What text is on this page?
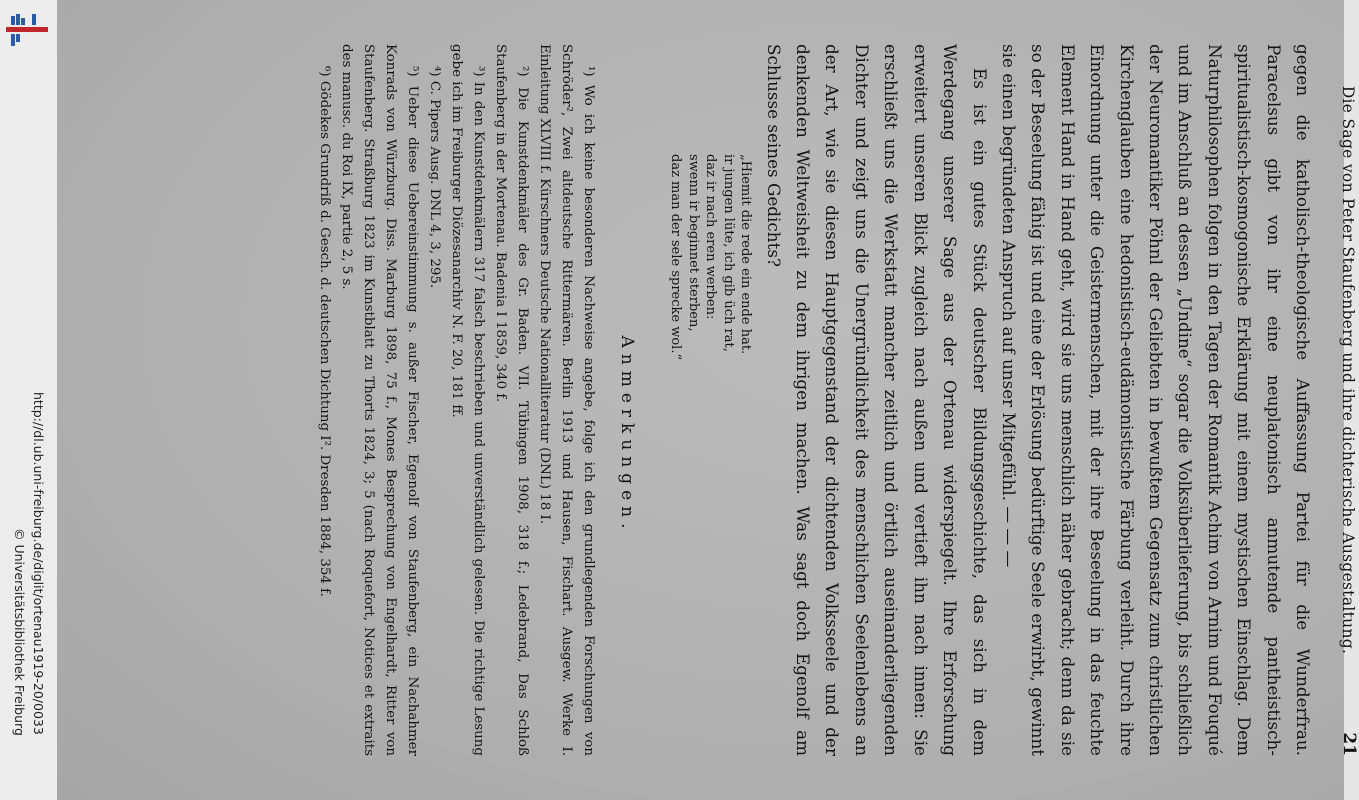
http://dl.ub.uni-freiburg.de/diglit/ortenau1919-20/0033
© Universitätsbibliothek Freiburg	Die Sage von Peter Staufenberg und ihre dichterische Ausgestaltung.
21

gegen die katholisch-theologische Auffassung Partei für die Wunderfrau. Paracelsus gibt von ihr eine neuplatonisch anmutende pantheistisch-spiritualistisch-kosmogonische Erklärung mit einem mystischen Einschlag. Dem Naturphilosophen folgen in den Tagen der Romantik Achim von Arnim und Fouqué und im Anschluß an dessen „Undine“ sogar die Volksüberlieferung, bis schließlich der Neuromantiker Pöhnl der Geliebten in bewußtem Gegensatz zum christlichen Kirchenglauben eine hedonistisch-eudämonistische Färbung verleiht. Durch ihre Einordnung unter die Geistermenschen, mit der ihre Beseelung in das feuchte Element Hand in Hand geht, wird sie uns menschlich näher gebracht; denn da sie so der Beseelung fähig ist und eine der Erlösung bedürftige Seele erwirbt, gewinnt sie einen begründeten Anspruch auf unser Mitgefühl. — — —

Es ist ein gutes Stück deutscher Bildungsgeschichte, das sich in dem Werdegang unserer Sage aus der Ortenau widerspiegelt. Ihre Erforschung erweitert unseren Blick zugleich nach außen und vertieft ihn nach innen: Sie erschließt uns die Werkstatt mancher zeitlich und örtlich auseinanderliegenden Dichter und zeigt uns die Unergründlichkeit des menschlichen Seelenlebens an der Art, wie sie diesen Hauptgegenstand der dichtenden Volksseele und der denkenden Weltweisheit zu dem ihrigen machen. Was sagt doch Egenolf am Schlusse seines Gedichts?

„Hiemit die rede ein ende hat.
ir jungen lüte, ich gib üch rat,
daz ir nach eren werben:
swenn ir beginnet sterben,
daz man der sele sprecke wol.“
Anmerkungen.

¹) Wo ich keine besonderen Nachweise angebe, folge ich den grundlegenden Forschungen von Schröder², Zwei altdeutsche Rittermären. Berlin 1913 und Hausen, Fischart. Ausgew. Werke I. Einleitung XLVIII f. Kürschners Deutsche Nationalliteratur (DNL) 18 I.

²) Die Kunstdenkmäler des Gr. Baden. VII. Tübingen 1908, 318 f.; Ledebrand, Das Schloß Staufenberg in der Mortenau. Badenia I 1859, 340 f.

³) In den Kunstdenkmälern 317 falsch beschrieben und unverständlich gelesen. Die richtige Lesung gebe ich im Freiburger Diözesanarchiv N. F. 20, 181 ff.

⁴) C. Pipers Ausg. DNL 4, 3, 295.

⁵) Ueber diese Uebereinstimmung s. außer Fischer, Egenolf von Staufenberg, ein Nachahmer Konrads von Würzburg. Diss. Marburg 1898, 75 f., Mones Besprechung von Engelhardt, Ritter von Staufenberg. Straßburg 1823 im Kunstblatt zu Thorts 1824, 3; 5 (nach Roquefort, Notices et extraits des manusc. du Roi IX, partie 2, 5 s.

⁶) Gödekes Grundriß d. Gesch. d. deutschen Dichtung I². Dresden 1884, 354 f.
